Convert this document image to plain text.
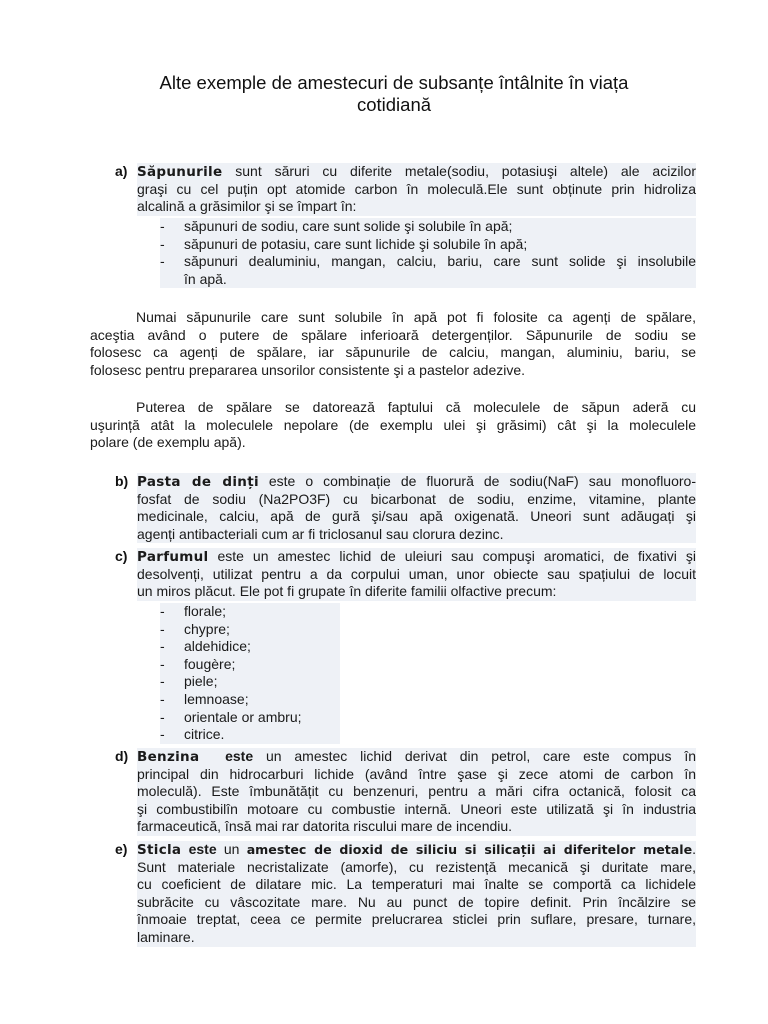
Alte exemple de amestecuri de subsanțe întâlnite în viața
cotidiană
a) Săpunurile sunt săruri cu diferite metale(sodiu, potasiuşi altele) ale acizilor
graşi cu cel puțin opt atomide carbon în moleculă.Ele sunt obținute prin hidroliza
alcalină a grăsimilor şi se împart în:
-	săpunuri de sodiu, care sunt solide şi solubile în apă;
-	săpunuri de potasiu, care sunt lichide şi solubile în apă;
-	săpunuri dealuminiu, mangan, calciu, bariu, care sunt solide şi insolubile
în apă.
Numai săpunurile care sunt solubile în apă pot fi folosite ca agenți de spălare,
aceştia având o putere de spălare inferioară detergenților. Săpunurile de sodiu se
folosesc ca agenți de spălare, iar săpunurile de calciu, mangan, aluminiu, bariu, se
folosesc pentru prepararea unsorilor consistente şi a pastelor adezive.
Puterea de spălare se datorează faptului că moleculele de săpun aderă cu
uşurință atât la moleculele nepolare (de exemplu ulei şi grăsimi) cât şi la moleculele
polare (de exemplu apă).
b) Pasta de dinți este o combinație de fluorură de sodiu(NaF) sau monofluoro-
fosfat de sodiu (Na2PO3F) cu bicarbonat de sodiu, enzime, vitamine, plante
medicinale, calciu, apă de gură şi/sau apă oxigenată. Uneori sunt adăugați şi
agenți antibacteriali cum ar fi triclosanul sau clorura dezinc.
c) Parfumul este un amestec lichid de uleiuri sau compuşi aromatici, de fixativi şi
desolvenți, utilizat pentru a da corpului uman, unor obiecte sau spațiului de locuit
un miros plăcut. Ele pot fi grupate în diferite familii olfactive precum:
-	florale;
-	chypre;
-	aldehidice;
-	fougère;
-	piele;
-	lemnoase;
-	orientale or ambru;
-	citrice.
d) Benzina este un amestec lichid derivat din petrol, care este compus în
principal din hidrocarburi lichide (având între şase şi zece atomi de carbon în
moleculă). Este îmbunătățit cu benzenuri, pentru a mări cifra octanică, folosit ca
şi combustibilîn motoare cu combustie internă. Uneori este utilizată şi în industria
farmaceutică, însă mai rar datorita riscului mare de incendiu.
e) Sticla este un amestec de dioxid de siliciu si silicații ai diferitelor metale.
Sunt materiale necristalizate (amorfe), cu rezistență mecanică şi duritate mare,
cu coeficient de dilatare mic. La temperaturi mai înalte se comportă ca lichidele
subrăcite cu vâscozitate mare. Nu au punct de topire definit. Prin încălzire se
înmoaie treptat, ceea ce permite prelucrarea sticlei prin suflare, presare, turnare,
laminare.
